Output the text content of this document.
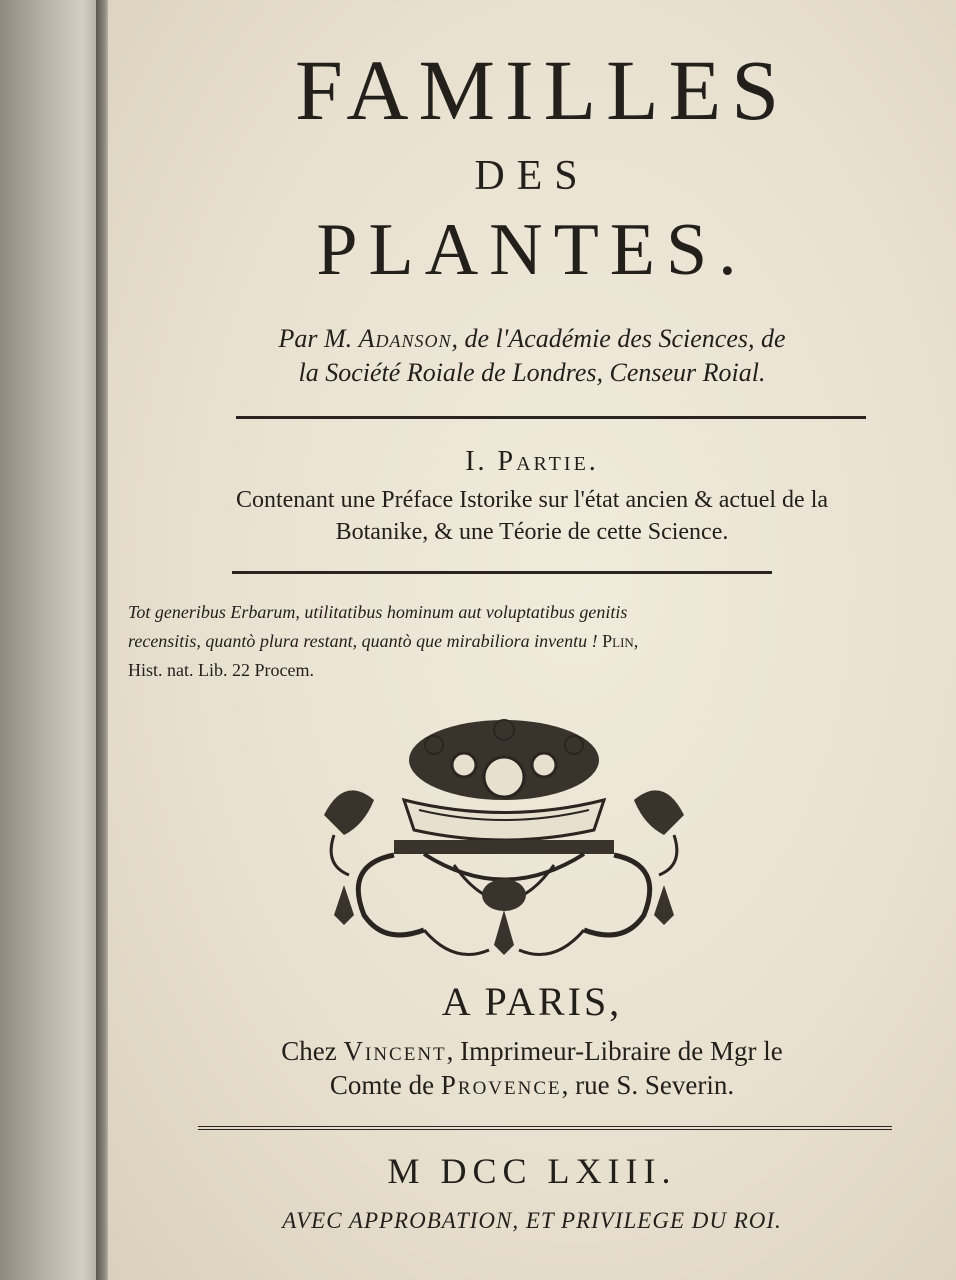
FAMILLES
DES
PLANTES.
Par M. Adanson, de l'Académie des Sciences, de
la Société Roiale de Londres, Censeur Roial.
I. Partie.
Contenant une Préface Istorike sur l'état ancien & actuel de la
Botanike, & une Téorie de cette Science.
Tot generibus Erbarum, utilitatibus hominum aut voluptatibus genitis
recensitis, quantò plura restant, quantò que mirabiliora inventu ! Plin,
Hist. nat. Lib. 22 Procem.
A PARIS,
Chez Vincent, Imprimeur-Libraire de Mgr le
Comte de Provence, rue S. Severin.
M DCC LXIII.
AVEC APPROBATION, ET PRIVILEGE DU ROI.
